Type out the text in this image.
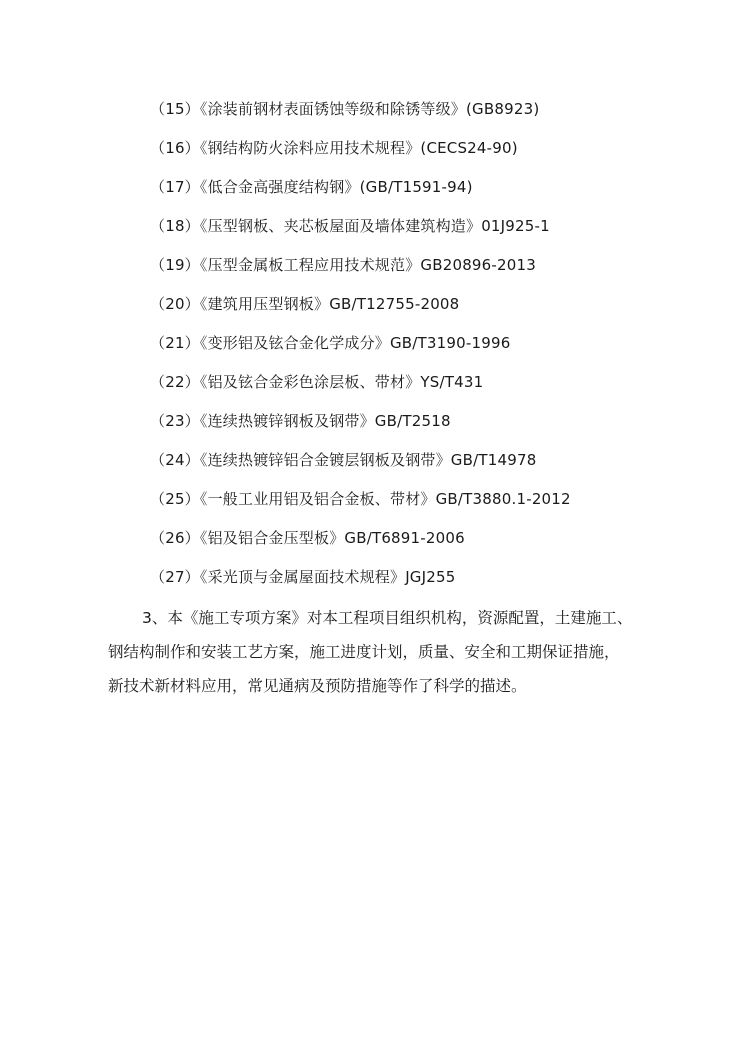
（15）《涂装前钢材表面锈蚀等级和除锈等级》(GB8923)
（16）《钢结构防火涂料应用技术规程》(CECS24-90)
（17）《低合金高强度结构钢》(GB/T1591-94)
（18）《压型钢板、夹芯板屋面及墙体建筑构造》01J925-1
（19）《压型金属板工程应用技术规范》GB20896-2013
（20）《建筑用压型钢板》GB/T12755-2008
（21）《变形铝及铉合金化学成分》GB/T3190-1996
（22）《铝及铉合金彩色涂层板、带材》YS/T431
（23）《连续热镀锌钢板及钢带》GB/T2518
（24）《连续热镀锌铝合金镀层钢板及钢带》GB/T14978
（25）《一般工业用铝及铝合金板、带材》GB/T3880.1-2012
（26）《铝及铝合金压型板》GB/T6891-2006
（27）《采光顶与金属屋面技术规程》JGJ255

3、本《施工专项方案》对本工程项目组织机构，资源配置，土建施工、
钢结构制作和安装工艺方案，施工进度计划，质量、安全和工期保证措施，
新技术新材料应用，常见通病及预防措施等作了科学的描述。
